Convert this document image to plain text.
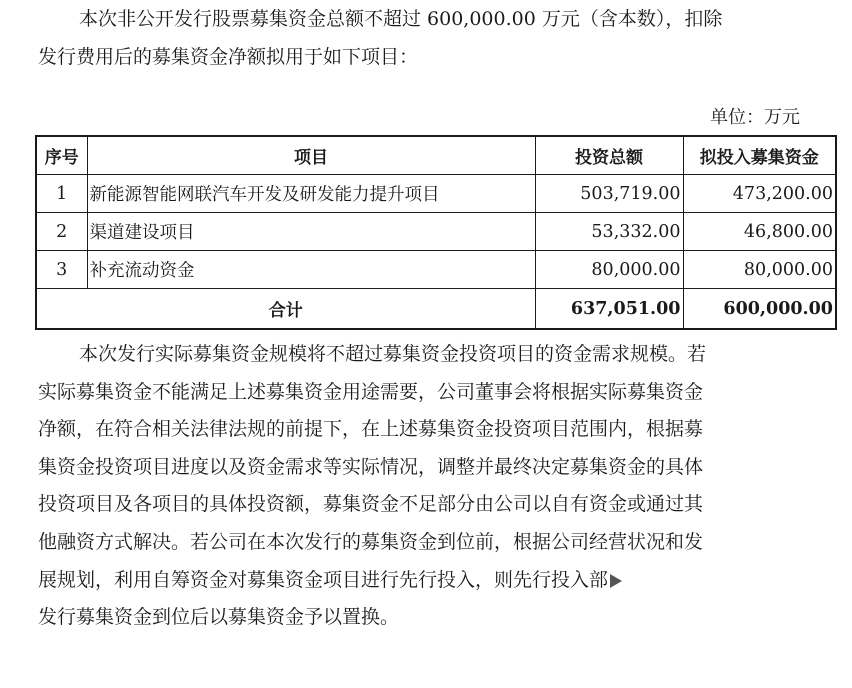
本次非公开发行股票募集资金总额不超过 600,000.00 万元（含本数），扣除
发行费用后的募集资金净额拟用于如下项目：
单位：万元
序号	项目	投资总额	拟投入募集资金
1	新能源智能网联汽车开发及研发能力提升项目	503,719.00	473,200.00
2	渠道建设项目	53,332.00	46,800.00
3	补充流动资金	80,000.00	80,000.00
合计		637,051.00	600,000.00
本次发行实际募集资金规模将不超过募集资金投资项目的资金需求规模。若
实际募集资金不能满足上述募集资金用途需要，公司董事会将根据实际募集资金
净额，在符合相关法律法规的前提下，在上述募集资金投资项目范围内，根据募
集资金投资项目进度以及资金需求等实际情况，调整并最终决定募集资金的具体
投资项目及各项目的具体投资额，募集资金不足部分由公司以自有资金或通过其
他融资方式解决。若公司在本次发行的募集资金到位前，根据公司经营状况和发
展规划，利用自筹资金对募集资金项目进行先行投入，则先行投入部
发行募集资金到位后以募集资金予以置换。
